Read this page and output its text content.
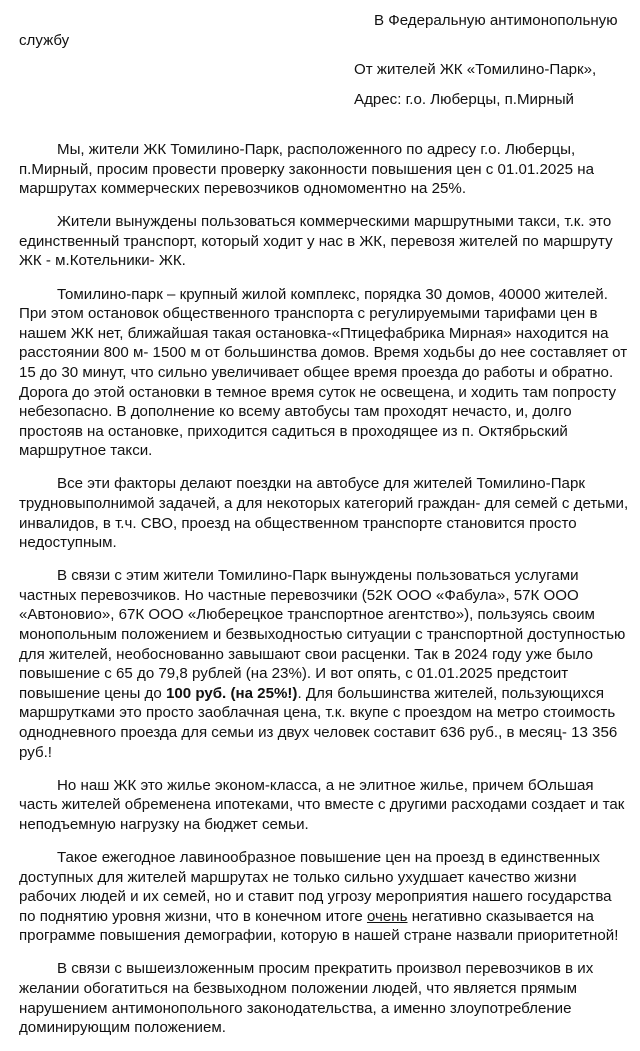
В Федеральную антимонопольную
службу
От жителей ЖК «Томилино-Парк»,
Адрес: г.о. Люберцы, п.Мирный

Мы, жители ЖК Томилино-Парк, расположенного по адресу г.о. Люберцы, п.Мирный, просим провести проверку законности повышения цен с 01.01.2025 на маршрутах коммерческих перевозчиков одномоментно на 25%.

Жители вынуждены пользоваться коммерческими маршрутными такси, т.к. это единственный транспорт, который ходит у нас в ЖК, перевозя жителей по маршруту ЖК - м.Котельники- ЖК.

Томилино-парк – крупный жилой комплекс, порядка 30 домов, 40000 жителей. При этом остановок общественного транспорта с регулируемыми тарифами цен в нашем ЖК нет, ближайшая такая остановка-«Птицефабрика Мирная» находится на расстоянии 800 м- 1500 м от большинства домов. Время ходьбы до нее составляет от 15 до 30 минут, что сильно увеличивает общее время проезда до работы и обратно. Дорога до этой остановки в темное время суток не освещена, и ходить там попросту небезопасно. В дополнение ко всему автобусы там проходят нечасто, и, долго простояв на остановке, приходится садиться в проходящее из п. Октябрьский маршрутное такси.

Все эти факторы делают поездки на автобусе для жителей Томилино-Парк трудновыполнимой задачей, а для некоторых категорий граждан- для семей с детьми, инвалидов, в т.ч. СВО, проезд на общественном транспорте становится просто недоступным.

В связи с этим жители Томилино-Парк вынуждены пользоваться услугами частных перевозчиков. Но частные перевозчики (52К ООО «Фабула», 57К ООО «Автоновио», 67К ООО «Люберецкое транспортное агентство»), пользуясь своим монопольным положением и безвыходностью ситуации с транспортной доступностью для жителей, необоснованно завышают свои расценки. Так в 2024 году уже было повышение с 65 до 79,8 рублей (на 23%). И вот опять, с 01.01.2025 предстоит повышение цены до 100 руб. (на 25%!). Для большинства жителей, пользующихся маршрутками это просто заоблачная цена, т.к. вкупе с проездом на метро стоимость однодневного проезда для семьи из двух человек составит 636 руб., в месяц- 13 356 руб.!

Но наш ЖК это жилье эконом-класса, а не элитное жилье, причем бОльшая часть жителей обременена ипотеками, что вместе с другими расходами создает и так неподъемную нагрузку на бюджет семьи.

Такое ежегодное лавинообразное повышение цен на проезд в единственных доступных для жителей маршрутах не только сильно ухудшает качество жизни рабочих людей и их семей, но и ставит под угрозу мероприятия нашего государства по поднятию уровня жизни, что в конечном итоге очень негативно сказывается на программе повышения демографии, которую в нашей стране назвали приоритетной!

В связи с вышеизложенным просим прекратить произвол перевозчиков в их желании обогатиться на безвыходном положении людей, что является прямым нарушением антимонопольного законодательства, а именно злоупотребление доминирующим положением.
